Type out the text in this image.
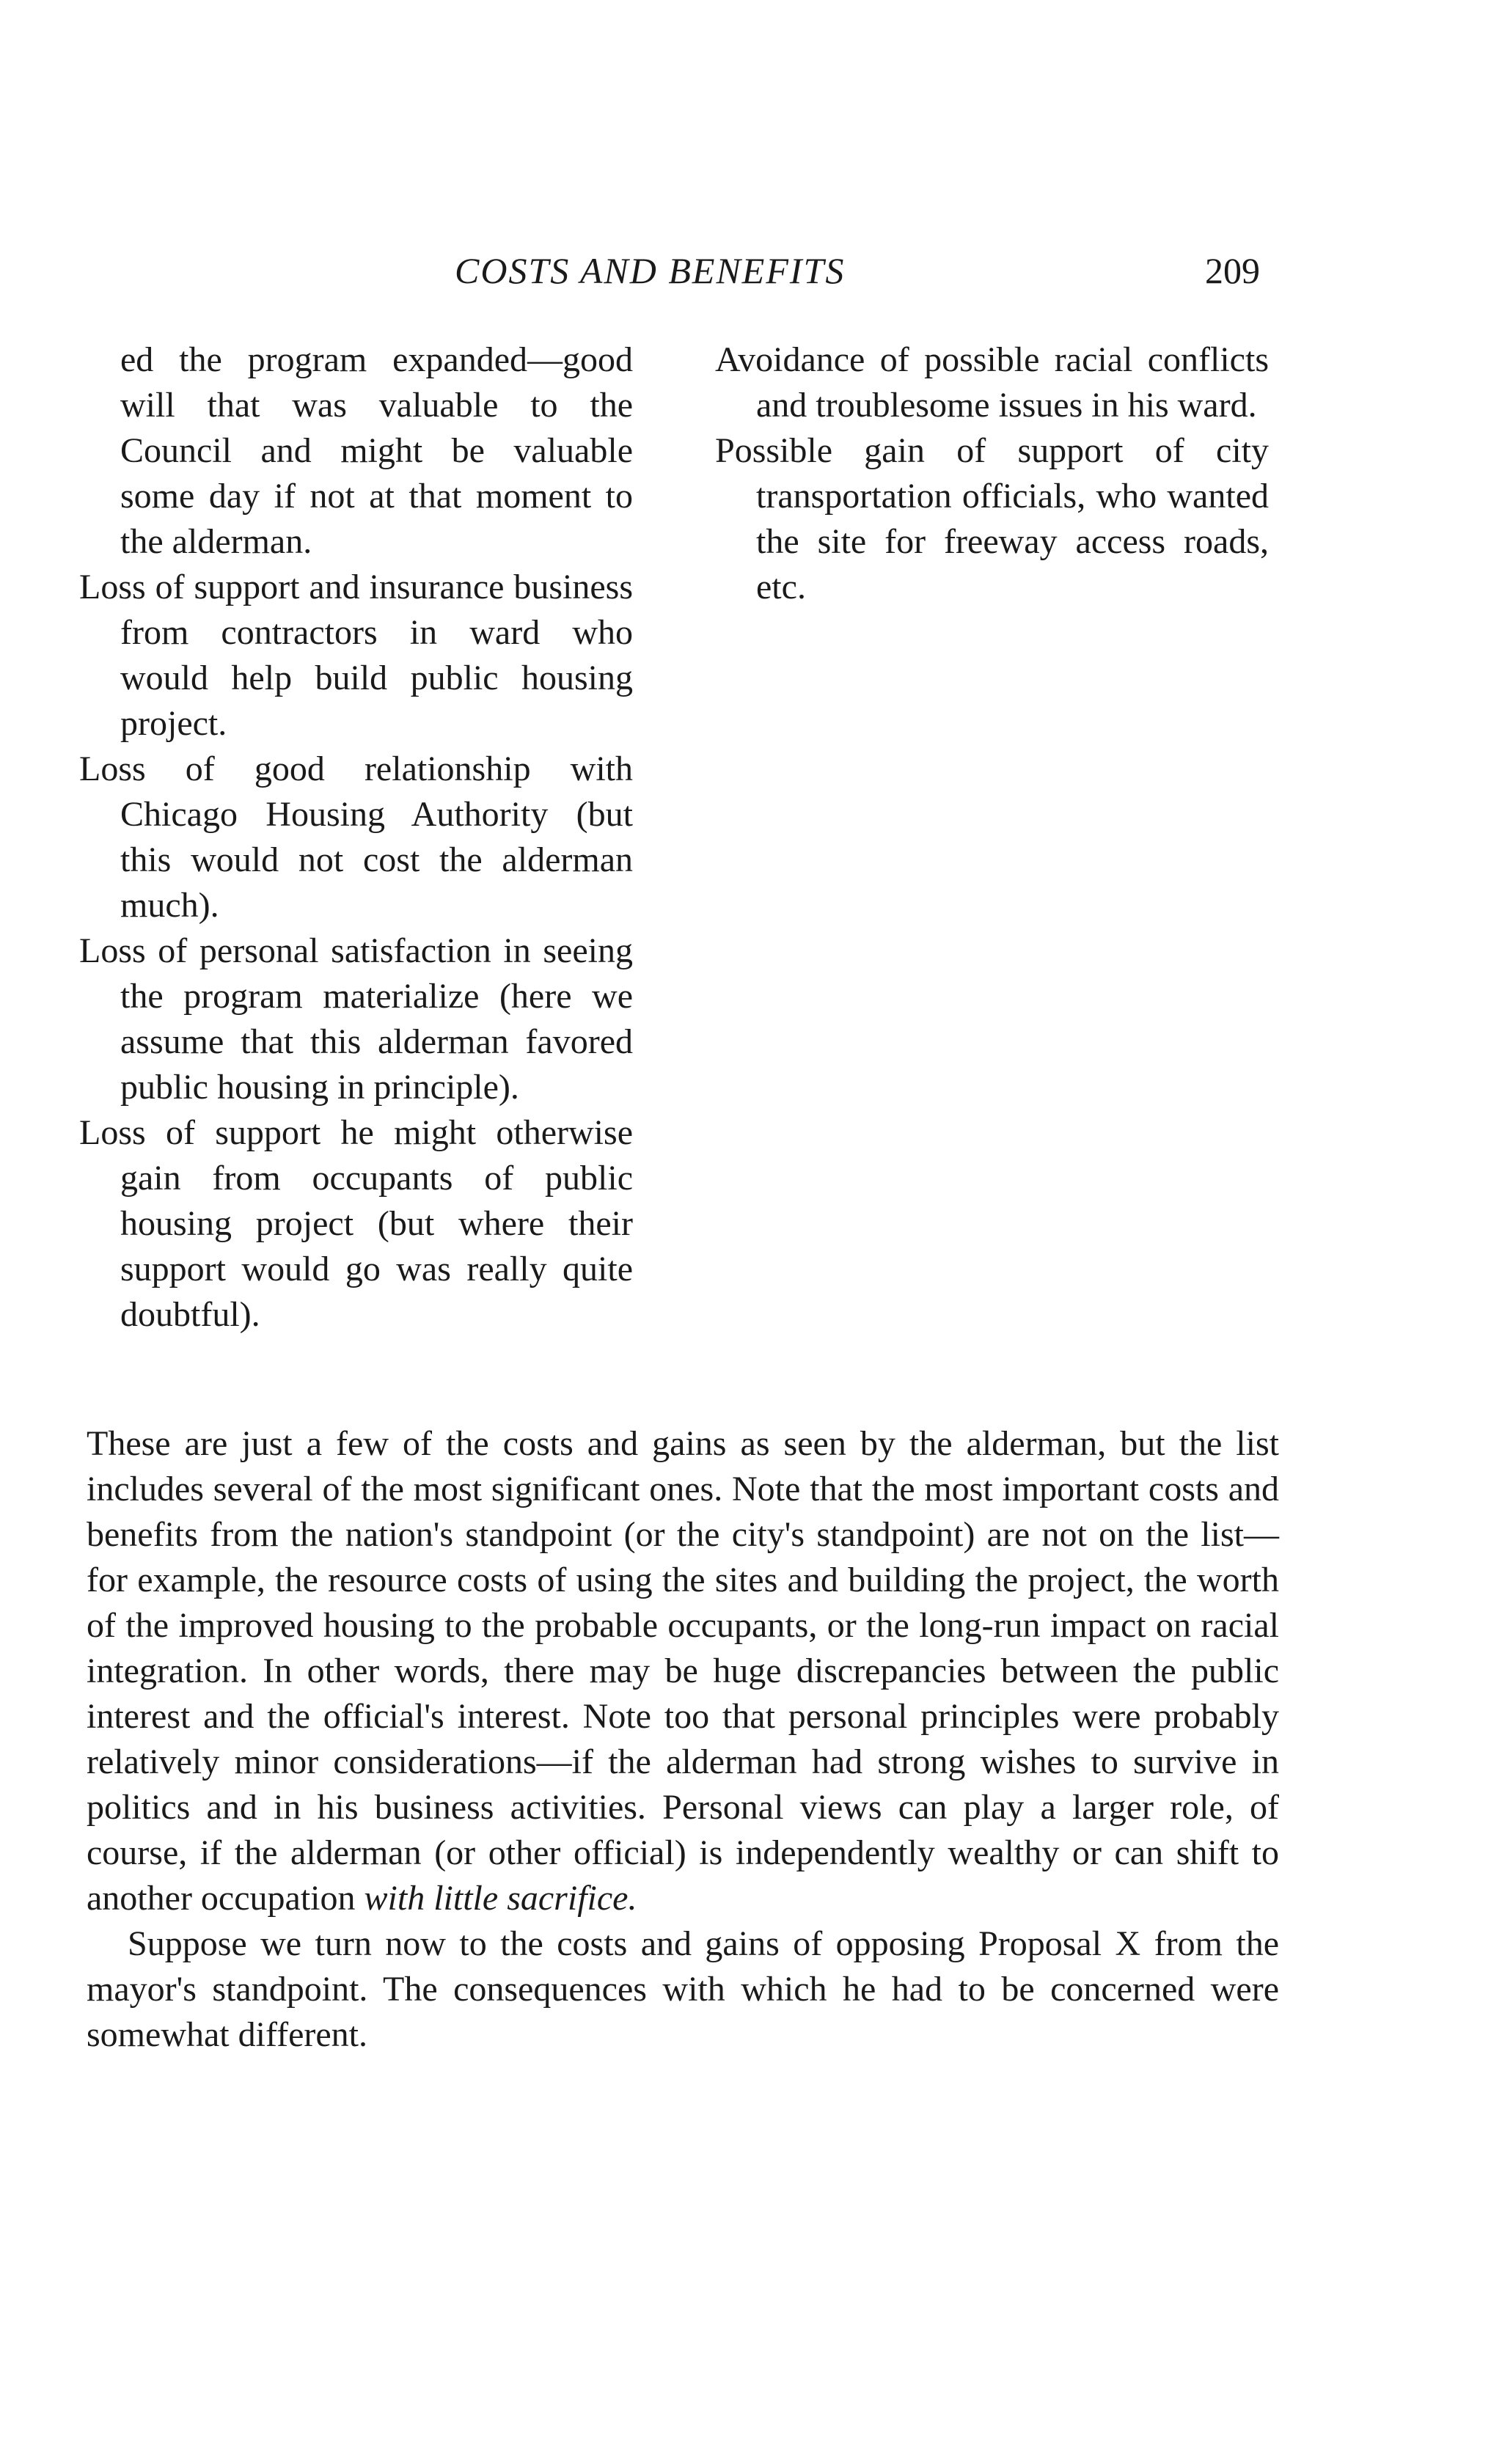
COSTS AND BENEFITS	209

ed the program expanded—good will that was valuable to the Council and might be valuable some day if not at that moment to the alderman.

Loss of support and insurance business from contractors in ward who would help build public housing project.

Loss of good relationship with Chicago Housing Authority (but this would not cost the alderman much).

Loss of personal satisfaction in seeing the program materialize (here we assume that this alderman favored public housing in principle).

Loss of support he might otherwise gain from occupants of public housing project (but where their support would go was really quite doubtful).

Avoidance of possible racial conflicts and troublesome issues in his ward.

Possible gain of support of city transportation officials, who wanted the site for freeway access roads, etc.

These are just a few of the costs and gains as seen by the alderman, but the list includes several of the most significant ones. Note that the most important costs and benefits from the nation's standpoint (or the city's standpoint) are not on the list—for example, the resource costs of using the sites and building the project, the worth of the improved housing to the probable occupants, or the long-run impact on racial integration. In other words, there may be huge discrepancies between the public interest and the official's interest. Note too that personal principles were probably relatively minor considerations—if the alderman had strong wishes to survive in politics and in his business activities. Personal views can play a larger role, of course, if the alderman (or other official) is independently wealthy or can shift to another occupation with little sacrifice.

Suppose we turn now to the costs and gains of opposing Proposal X from the mayor's standpoint. The consequences with which he had to be concerned were somewhat different.
